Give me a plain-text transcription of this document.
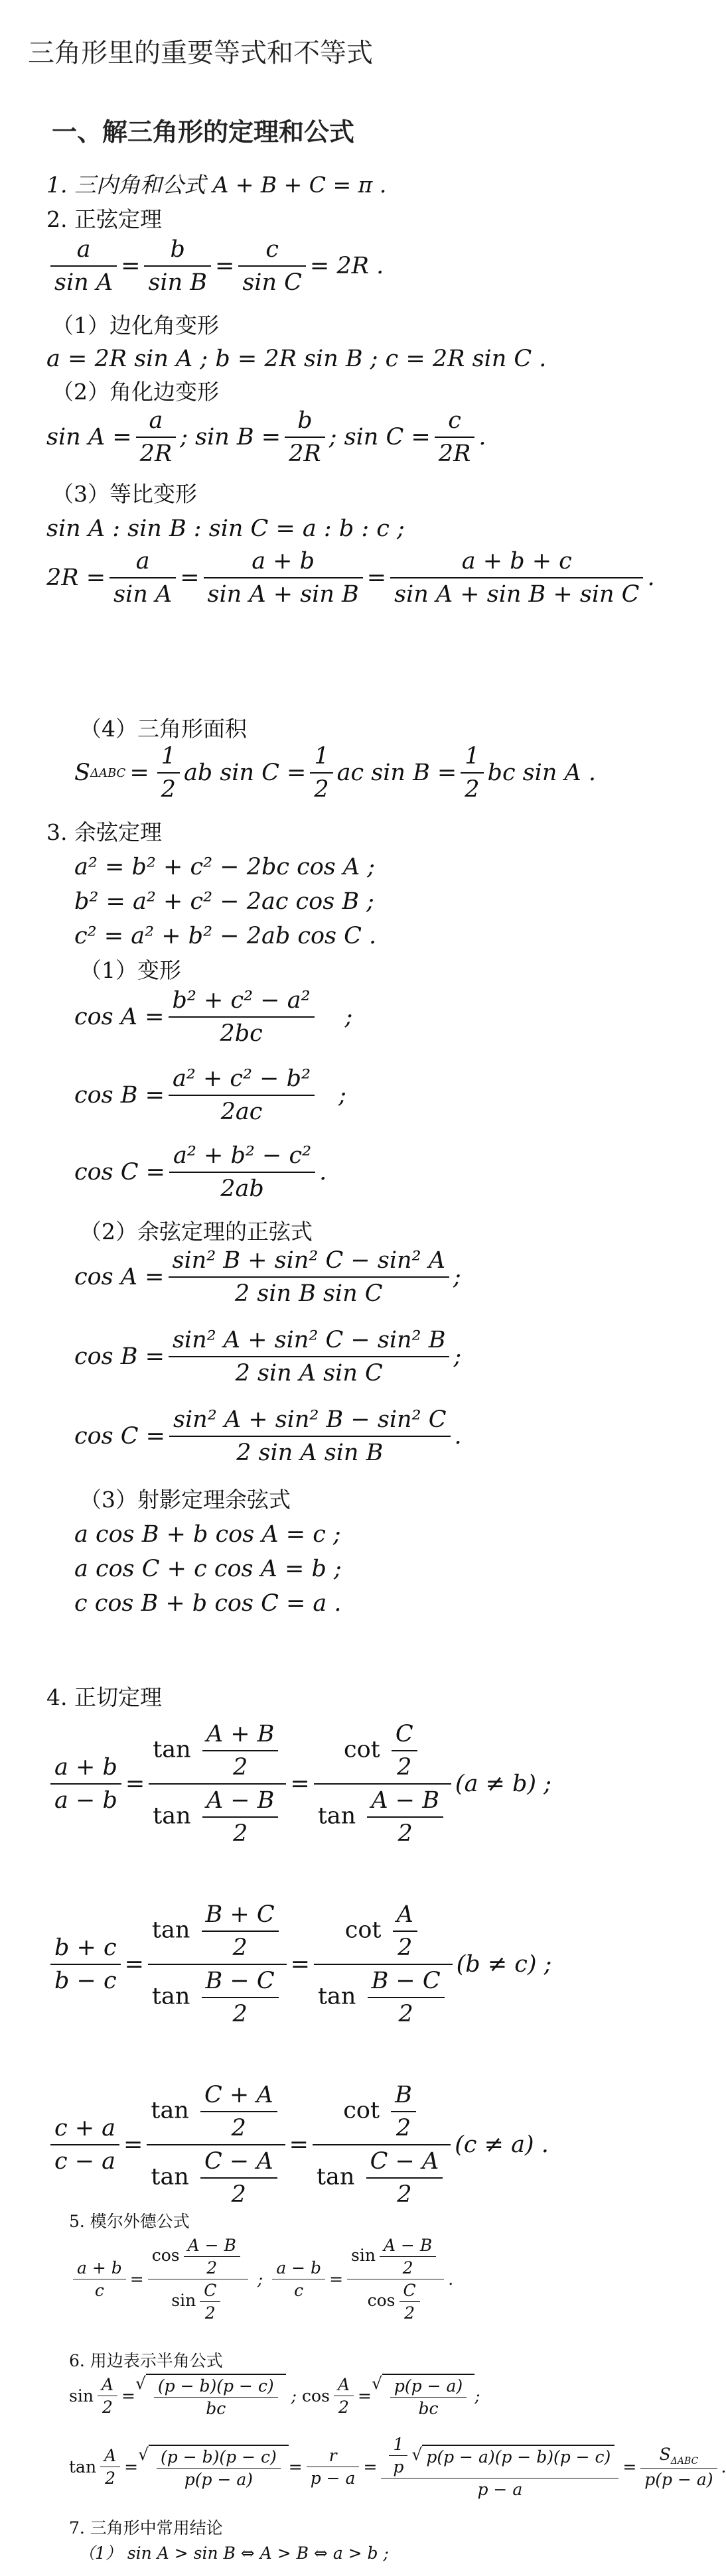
三角形里的重要等式和不等式
一、解三角形的定理和公式
1. 三内角和公式 A + B + C = π .
2. 正弦定理
$\frac{a}{\text{sin A}} = \frac{b}{\text{sin B}} = \frac{c}{\text{sin C}} = 2R$ .
（1）边化角变形
a = 2R sin A ; b = 2R sin B ; c = 2R sin C .
（2）角化边变形
$\sin A = \frac{a}{2R}$ ; $\sin B = \frac{b}{2R}$ ; $\sin C = \frac{c}{2R}$ .
（3）等比变形
sin A : sin B : sin C = a : b : c ;
$2R = \frac{a}{\text{sin A}} = \frac{a + b}{\text{sin A + sin B}} = \frac{a + b + c}{\text{sin A + sin B + sin C}}$ .
（4）三角形面积
S $\Delta ABC = \frac{1}{2}$ ab $\sin C = \frac{1}{2}$ ac $\sin B = \frac{1}{2}$ bc sin A .
3. 余弦定理
a² = b² + c² − 2bc cos A ;
b² = a² + c² − 2ac cos B ;
c² = a² + b² − 2ab cos C .
（1）变形
$\cos A = \frac{\text{b² + c² − a²}}{2bc}$ ;
$\cos B = \frac{\text{a² + c² − b²}}{2ac}$ ;
$\cos C = \frac{\text{a² + b² − c²}}{2ab}$ .
（2）余弦定理的正弦式
$\cos A = \frac{\text{sin² B + sin² C − sin² A}}{\text{2 sin B sin C}}$ ;
$\cos B = \frac{\text{sin² A + sin² C − sin² B}}{\text{2 sin A sin C}}$ ;
$\cos C = \frac{\text{sin² A + sin² B − sin² C}}{\text{2 sin A sin B}}$ .
（3）射影定理余弦式
a cos B + b cos A = c ;
a cos C + c cos A = b ;
c cos B + b cos C = a .
4. 正切定理
$\frac{a + b}{a - b} = \frac{\tan \frac{A + B}{2}}{\tan \frac{A - B}{2}} = \frac{\cot \frac{C}{2}}{\tan \frac{A - B}{2}} (a \ne b)$ ;
$\frac{b + c}{b - c} = \frac{\tan \frac{B + C}{2}}{\tan \frac{B - C}{2}} = \frac{\cot \frac{A}{2}}{\tan \frac{B - C}{2}} (b \ne c)$ ;
$\frac{c + a}{c - a} = \frac{\tan \frac{C + A}{2}}{\tan \frac{C - A}{2}} = \frac{\cot \frac{B}{2}}{\tan \frac{C - A}{2}} (c \ne a)$ .
5. 模尔外德公式
$\frac{a + b}{c} = \frac{\cos \frac{A - B}{2}}{\sin \frac{C}{2}}$ ; $\frac{a - b}{c} = \frac{\sin \frac{A - B}{2}}{\cos \frac{C}{2}}$ .
6. 用边表示半角公式
$\sin \frac{A}{2}$ =
√ $\frac{(p - b)(p - c)}{bc}$ ; $\cos \frac{A}{2}$ =
√ $\frac{p(p - a)}{bc}$ ;
$\tan \frac{A}{2}$ =
√ $\frac{(p - b)(p - c)}{p(p - a)} = \frac{r}{p - a} = \frac{\frac{1}{p} √ p(p - a)(p - b)(p - c)}{p - a} = \frac{S_{\Delta ABC}}{p(p - a)}$ .
7. 三角形中常用结论
（1） sin A > sin B ⇔ A > B ⇔ a > b ;
